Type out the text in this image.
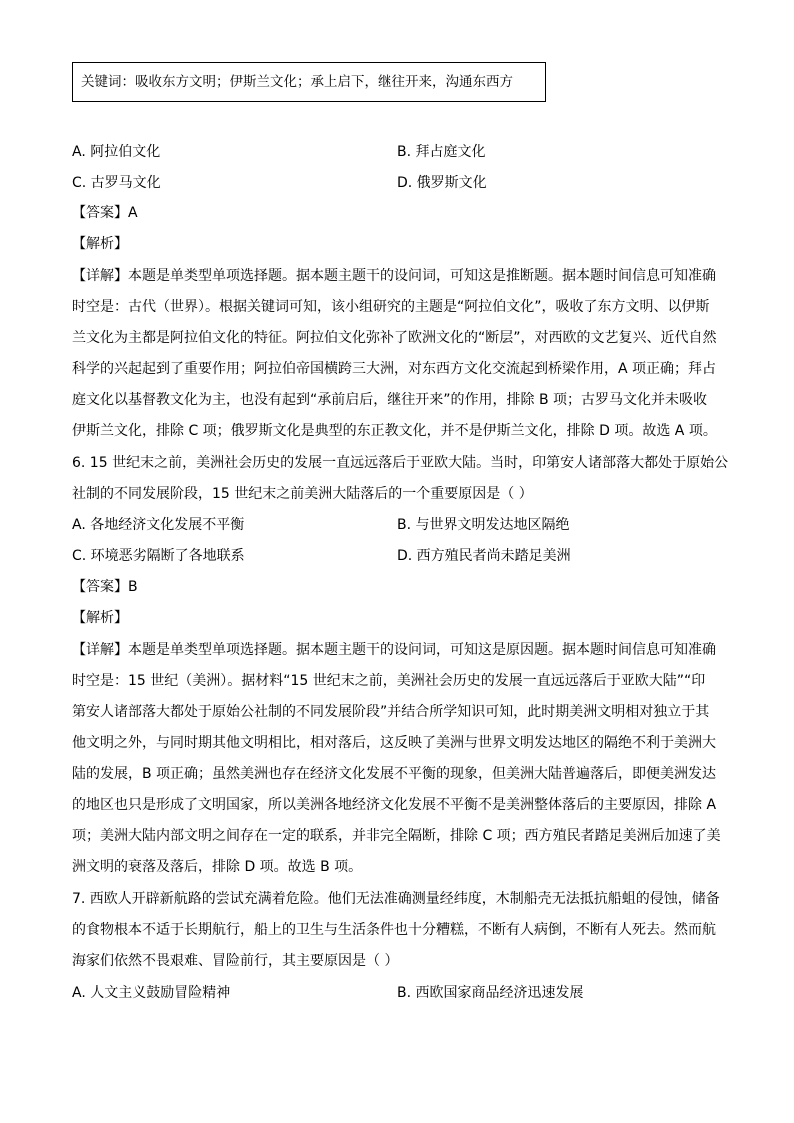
关键词：吸收东方文明；伊斯兰文化；承上启下，继往开来，沟通东西方
A. 阿拉伯文化	B. 拜占庭文化
C. 古罗马文化	D. 俄罗斯文化
【答案】A
【解析】
【详解】本题是单类型单项选择题。据本题主题干的设问词，可知这是推断题。据本题时间信息可知准确
时空是：古代（世界）。根据关键词可知，该小组研究的主题是“阿拉伯文化”，吸收了东方文明、以伊斯
兰文化为主都是阿拉伯文化的特征。阿拉伯文化弥补了欧洲文化的“断层”，对西欧的文艺复兴、近代自然
科学的兴起起到了重要作用；阿拉伯帝国横跨三大洲，对东西方文化交流起到桥梁作用，A 项正确；拜占
庭文化以基督教文化为主，也没有起到“承前启后，继往开来”的作用，排除 B 项；古罗马文化并未吸收
伊斯兰文化，排除 C 项；俄罗斯文化是典型的东正教文化，并不是伊斯兰文化，排除 D 项。故选 A 项。
6. 15 世纪末之前，美洲社会历史的发展一直远远落后于亚欧大陆。当时，印第安人诸部落大都处于原始公
社制的不同发展阶段，15 世纪末之前美洲大陆落后的一个重要原因是（ ）
A. 各地经济文化发展不平衡	B. 与世界文明发达地区隔绝
C. 环境恶劣隔断了各地联系	D. 西方殖民者尚未踏足美洲
【答案】B
【解析】
【详解】本题是单类型单项选择题。据本题主题干的设问词，可知这是原因题。据本题时间信息可知准确
时空是：15 世纪（美洲）。据材料“15 世纪末之前，美洲社会历史的发展一直远远落后于亚欧大陆”“印
第安人诸部落大都处于原始公社制的不同发展阶段”并结合所学知识可知，此时期美洲文明相对独立于其
他文明之外，与同时期其他文明相比，相对落后，这反映了美洲与世界文明发达地区的隔绝不利于美洲大
陆的发展，B 项正确；虽然美洲也存在经济文化发展不平衡的现象，但美洲大陆普遍落后，即便美洲发达
的地区也只是形成了文明国家，所以美洲各地经济文化发展不平衡不是美洲整体落后的主要原因，排除 A
项；美洲大陆内部文明之间存在一定的联系，并非完全隔断，排除 C 项；西方殖民者踏足美洲后加速了美
洲文明的衰落及落后，排除 D 项。故选 B 项。
7. 西欧人开辟新航路的尝试充满着危险。他们无法准确测量经纬度，木制船壳无法抵抗船蛆的侵蚀，储备
的食物根本不适于长期航行，船上的卫生与生活条件也十分糟糕，不断有人病倒，不断有人死去。然而航
海家们依然不畏艰难、冒险前行，其主要原因是（ ）
A. 人文主义鼓励冒险精神	B. 西欧国家商品经济迅速发展
